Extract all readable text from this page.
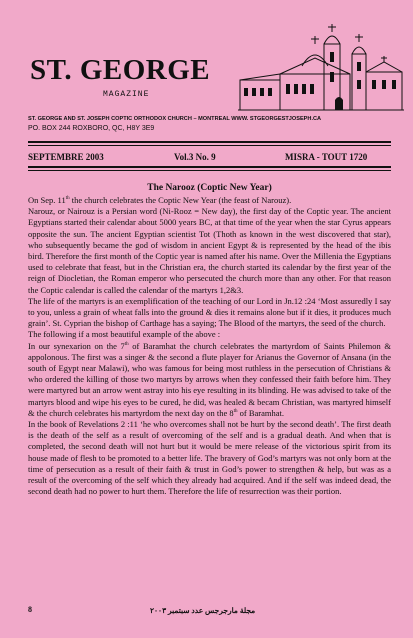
ST. GEORGE
MAGAZINE
ST. GEORGE AND ST. JOSEPH COPTIC ORTHODOX CHURCH – MONTREAL WWW. STGEORGESTJOSEPH.CA
PO. BOX 244 ROXBORO, QC, H8Y 3E9
SEPTEMBRE 2003	Vol.3 No. 9	MISRA - TOUT 1720
The Narooz (Coptic New Year)

On Sep. 11th the church celebrates the Coptic New Year (the feast of Narouz).

Narouz, or Nairouz is a Persian word (Ni-Rooz = New day), the first day of the Coptic year. The ancient Egyptians started their calendar about 5000 years BC, at that time of the year when the star Cyrus appears opposite the sun. The ancient Egyptian scientist Tot (Thoth as known in the west discovered that star), who subsequently became the god of wisdom in ancient Egypt & is represented by the head of the ibis bird. Therefore the first month of the Coptic year is named after his name. Over the Millenia the Egyptians used to celebrate that feast, but in the Christian era, the church started its calendar by the first year of the reign of Diocletian, the Roman emperor who persecuted the church more than any other. For that reason the Coptic calendar is called the calendar of the martyrs 1,2&3.

The life of the martyrs is an exemplification of the teaching of our Lord in Jn.12 :24 ‘Most assuredly I say to you, unless a grain of wheat falls into the ground & dies it remains alone but if it dies, it produces much grain’. St. Cyprian the bishop of Carthage has a saying; The Blood of the martyrs, the seed of the church.

The following if a most beautiful example of the above :

In our synexarion on the 7th of Baramhat the church celebrates the martyrdom of Saints Philemon & appolonous. The first was a singer & the second a flute player for Arianus the Governor of Ansana (in the south of Egypt near Malawi), who was famous for being most ruthless in the persecution of Christians & who ordered the killing of those two martyrs by arrows when they confessed their faith before him. They were martyred but an arrow went astray into his eye resulting in its blinding. He was advised to take of the martyrs blood and wipe his eyes to be cured, he did, was healed & becam Christian, was martyred himself & the church celebrates his martyrdom the next day on the 8th of Baramhat.

In the book of Revelations 2 :11 ‘he who overcomes shall not be hurt by the second death’. The first death is the death of the self as a result of overcoming of the self and is a gradual death. And when that is completed, the second death will not hurt but it would be mere release of the victorious spirit from its house made of flesh to be promoted to a better life. The bravery of God’s martyrs was not only born at the time of persecution as a result of their faith & trust in God’s power to strengthen & help, but was as a result of the overcoming of the self which they already had acquired. And if the self was indeed dead, the second death had no power to hurt them. Therefore the life of resurrection was their portion.

8	مجلة مارجرجس عدد سبتمبر ٢٠٠٣
